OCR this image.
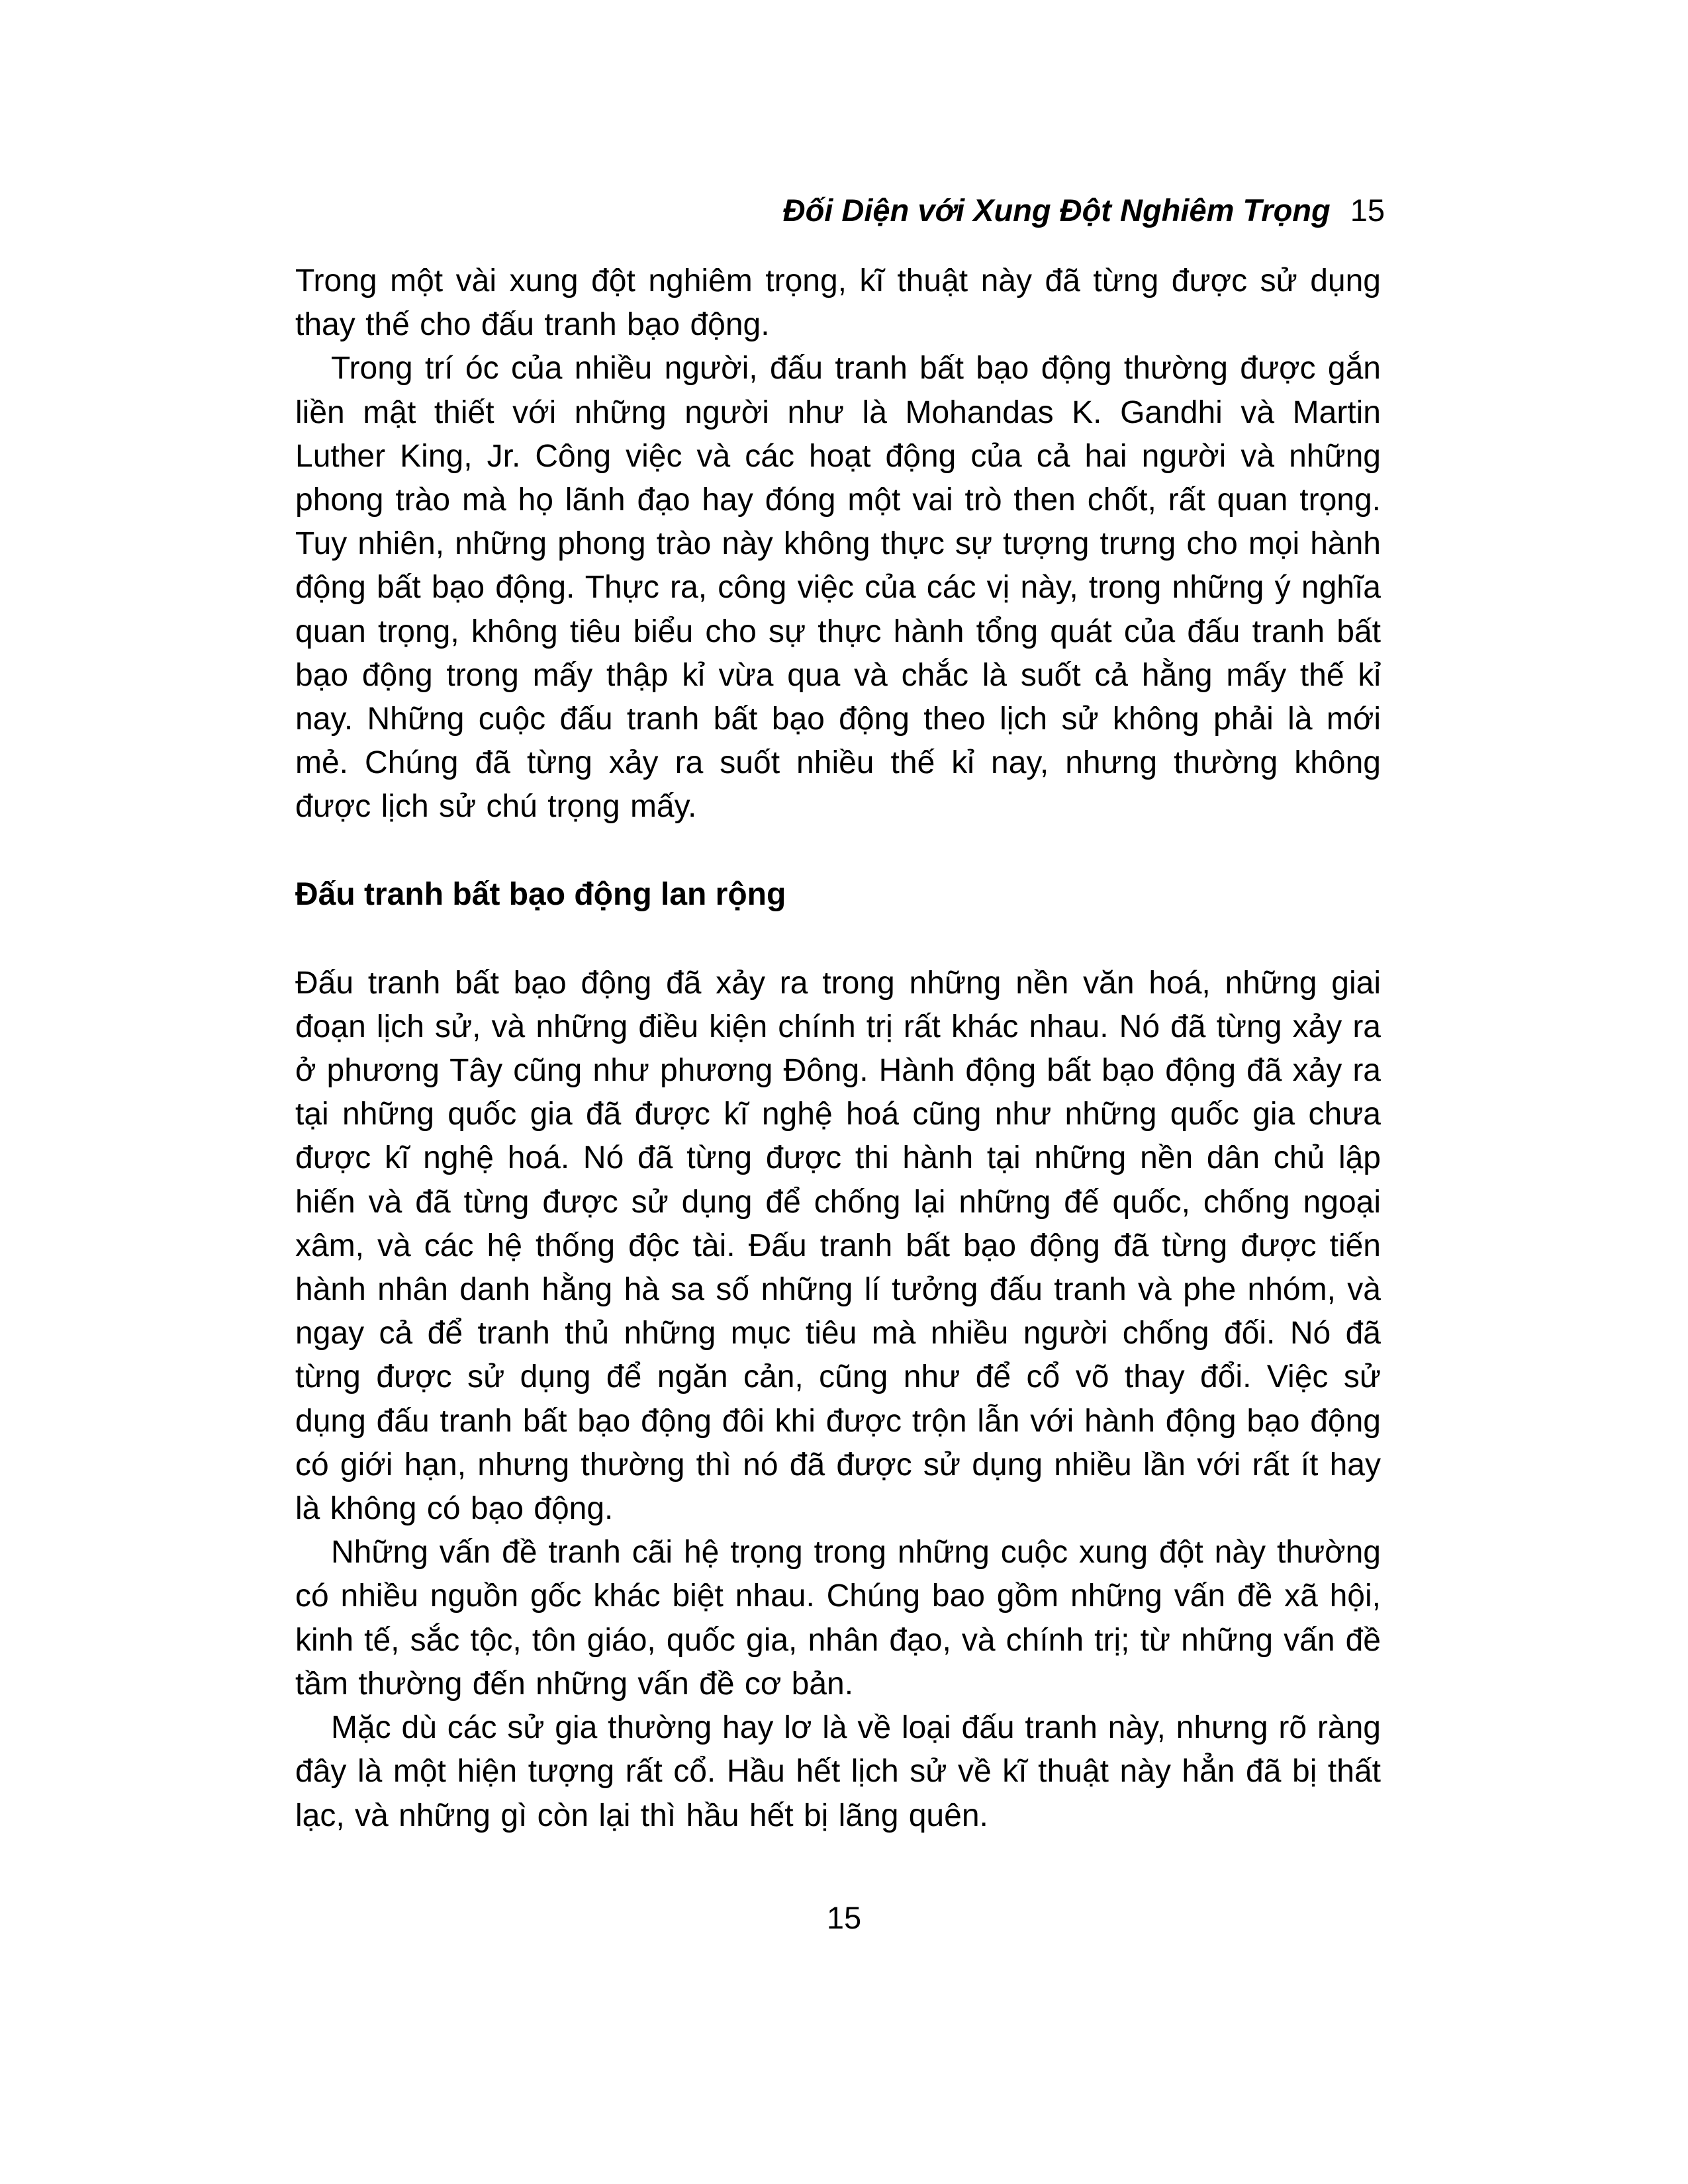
Đối Diện với Xung Đột Nghiêm Trọng 15

Trong một vài xung đột nghiêm trọng, kĩ thuật này đã từng được sử dụng thay thế cho đấu tranh bạo động.

Trong trí óc của nhiều người, đấu tranh bất bạo động thường được gắn liền mật thiết với những người như là Mohandas K. Gandhi và Martin Luther King, Jr. Công việc và các hoạt động của cả hai người và những phong trào mà họ lãnh đạo hay đóng một vai trò then chốt, rất quan trọng. Tuy nhiên, những phong trào này không thực sự tượng trưng cho mọi hành động bất bạo động. Thực ra, công việc của các vị này, trong những ý nghĩa quan trọng, không tiêu biểu cho sự thực hành tổng quát của đấu tranh bất bạo động trong mấy thập kỉ vừa qua và chắc là suốt cả hằng mấy thế kỉ nay. Những cuộc đấu tranh bất bạo động theo lịch sử không phải là mới mẻ. Chúng đã từng xảy ra suốt nhiều thế kỉ nay, nhưng thường không được lịch sử chú trọng mấy.

Đấu tranh bất bạo động lan rộng

Đấu tranh bất bạo động đã xảy ra trong những nền văn hoá, những giai đoạn lịch sử, và những điều kiện chính trị rất khác nhau. Nó đã từng xảy ra ở phương Tây cũng như phương Đông. Hành động bất bạo động đã xảy ra tại những quốc gia đã được kĩ nghệ hoá cũng như những quốc gia chưa được kĩ nghệ hoá. Nó đã từng được thi hành tại những nền dân chủ lập hiến và đã từng được sử dụng để chống lại những đế quốc, chống ngoại xâm, và các hệ thống độc tài. Đấu tranh bất bạo động đã từng được tiến hành nhân danh hằng hà sa số những lí tưởng đấu tranh và phe nhóm, và ngay cả để tranh thủ những mục tiêu mà nhiều người chống đối. Nó đã từng được sử dụng để ngăn cản, cũng như để cổ võ thay đổi. Việc sử dụng đấu tranh bất bạo động đôi khi được trộn lẫn với hành động bạo động có giới hạn, nhưng thường thì nó đã được sử dụng nhiều lần với rất ít hay là không có bạo động.

Những vấn đề tranh cãi hệ trọng trong những cuộc xung đột này thường có nhiều nguồn gốc khác biệt nhau. Chúng bao gồm những vấn đề xã hội, kinh tế, sắc tộc, tôn giáo, quốc gia, nhân đạo, và chính trị; từ những vấn đề tầm thường đến những vấn đề cơ bản.

Mặc dù các sử gia thường hay lơ là về loại đấu tranh này, nhưng rõ ràng đây là một hiện tượng rất cổ. Hầu hết lịch sử về kĩ thuật này hẳn đã bị thất lạc, và những gì còn lại thì hầu hết bị lãng quên.

15
